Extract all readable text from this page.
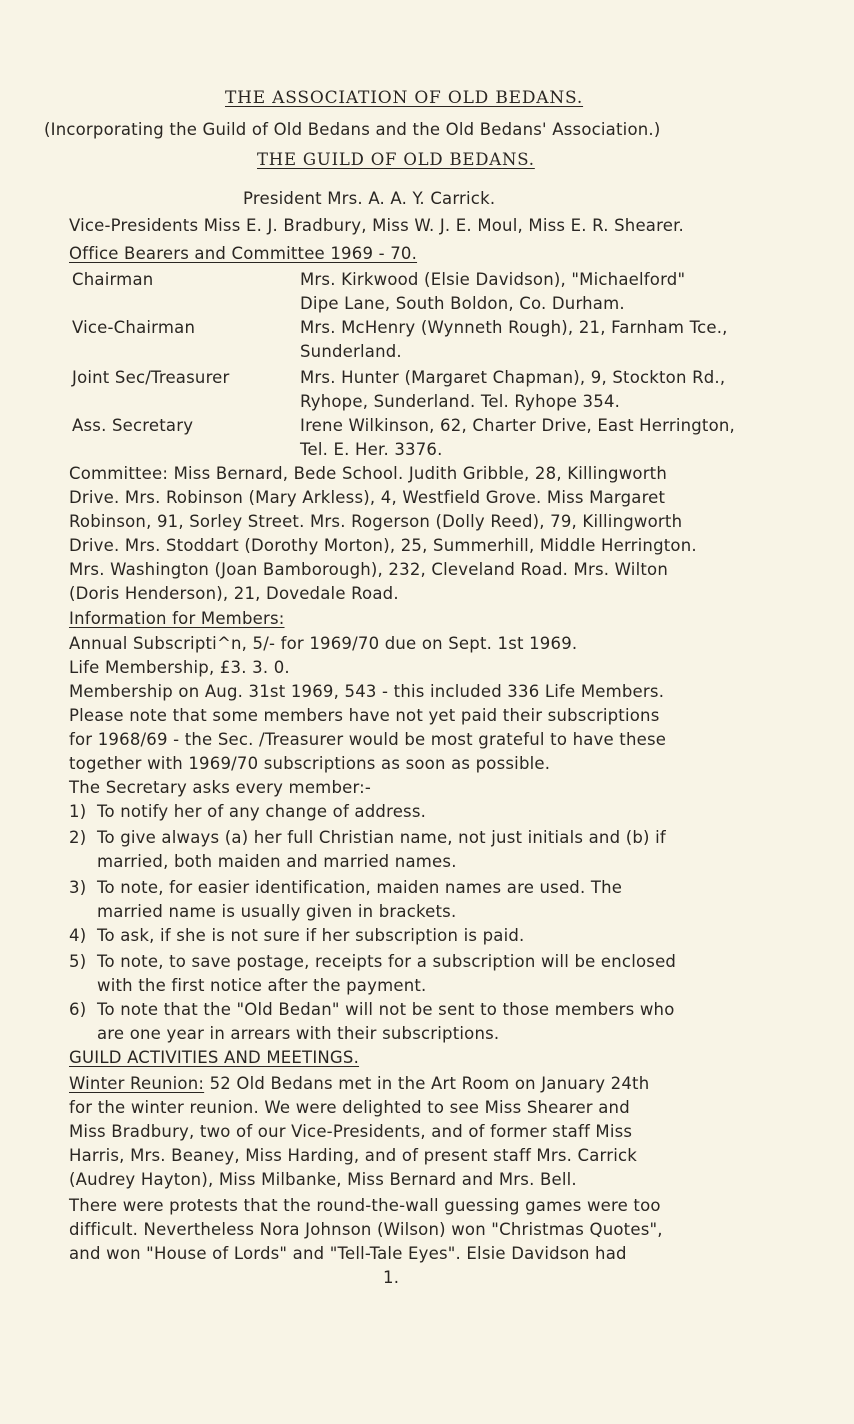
THE ASSOCIATION OF OLD BEDANS.
(Incorporating the Guild of Old Bedans and the Old Bedans' Association.)
THE GUILD OF OLD BEDANS.
President Mrs. A. A. Y. Carrick.
Vice-Presidents Miss E. J. Bradbury, Miss W. J. E. Moul, Miss E. R. Shearer.
Office Bearers and Committee 1969 - 70.
Chairman	Mrs. Kirkwood (Elsie Davidson), "Michaelford"
Dipe Lane, South Boldon, Co. Durham.
Vice-Chairman	Mrs. McHenry (Wynneth Rough), 21, Farnham Tce.,
Sunderland.
Joint Sec/Treasurer	Mrs. Hunter (Margaret Chapman), 9, Stockton Rd.,
Ryhope, Sunderland. Tel. Ryhope 354.
Ass. Secretary	Irene Wilkinson, 62, Charter Drive, East Herrington,
Tel. E. Her. 3376.
Committee: Miss Bernard, Bede School. Judith Gribble, 28, Killingworth
Drive. Mrs. Robinson (Mary Arkless), 4, Westfield Grove. Miss Margaret
Robinson, 91, Sorley Street. Mrs. Rogerson (Dolly Reed), 79, Killingworth
Drive. Mrs. Stoddart (Dorothy Morton), 25, Summerhill, Middle Herrington.
Mrs. Washington (Joan Bamborough), 232, Cleveland Road. Mrs. Wilton
(Doris Henderson), 21, Dovedale Road.
Information for Members:
Annual Subscripti^n, 5/- for 1969/70 due on Sept. 1st 1969.
Life Membership, £3. 3. 0.
Membership on Aug. 31st 1969, 543 - this included 336 Life Members.
Please note that some members have not yet paid their subscriptions
for 1968/69 - the Sec. /Treasurer would be most grateful to have these
together with 1969/70 subscriptions as soon as possible.
The Secretary asks every member:-
1) To notify her of any change of address.
2) To give always (a) her full Christian name, not just initials and (b) if
married, both maiden and married names.
3) To note, for easier identification, maiden names are used. The
married name is usually given in brackets.
4) To ask, if she is not sure if her subscription is paid.
5) To note, to save postage, receipts for a subscription will be enclosed
with the first notice after the payment.
6) To note that the "Old Bedan" will not be sent to those members who
are one year in arrears with their subscriptions.
GUILD ACTIVITIES AND MEETINGS.
Winter Reunion: 52 Old Bedans met in the Art Room on January 24th
for the winter reunion. We were delighted to see Miss Shearer and
Miss Bradbury, two of our Vice-Presidents, and of former staff Miss
Harris, Mrs. Beaney, Miss Harding, and of present staff Mrs. Carrick
(Audrey Hayton), Miss Milbanke, Miss Bernard and Mrs. Bell.
There were protests that the round-the-wall guessing games were too
difficult. Nevertheless Nora Johnson (Wilson) won "Christmas Quotes",
and won "House of Lords" and "Tell-Tale Eyes". Elsie Davidson had
1.
